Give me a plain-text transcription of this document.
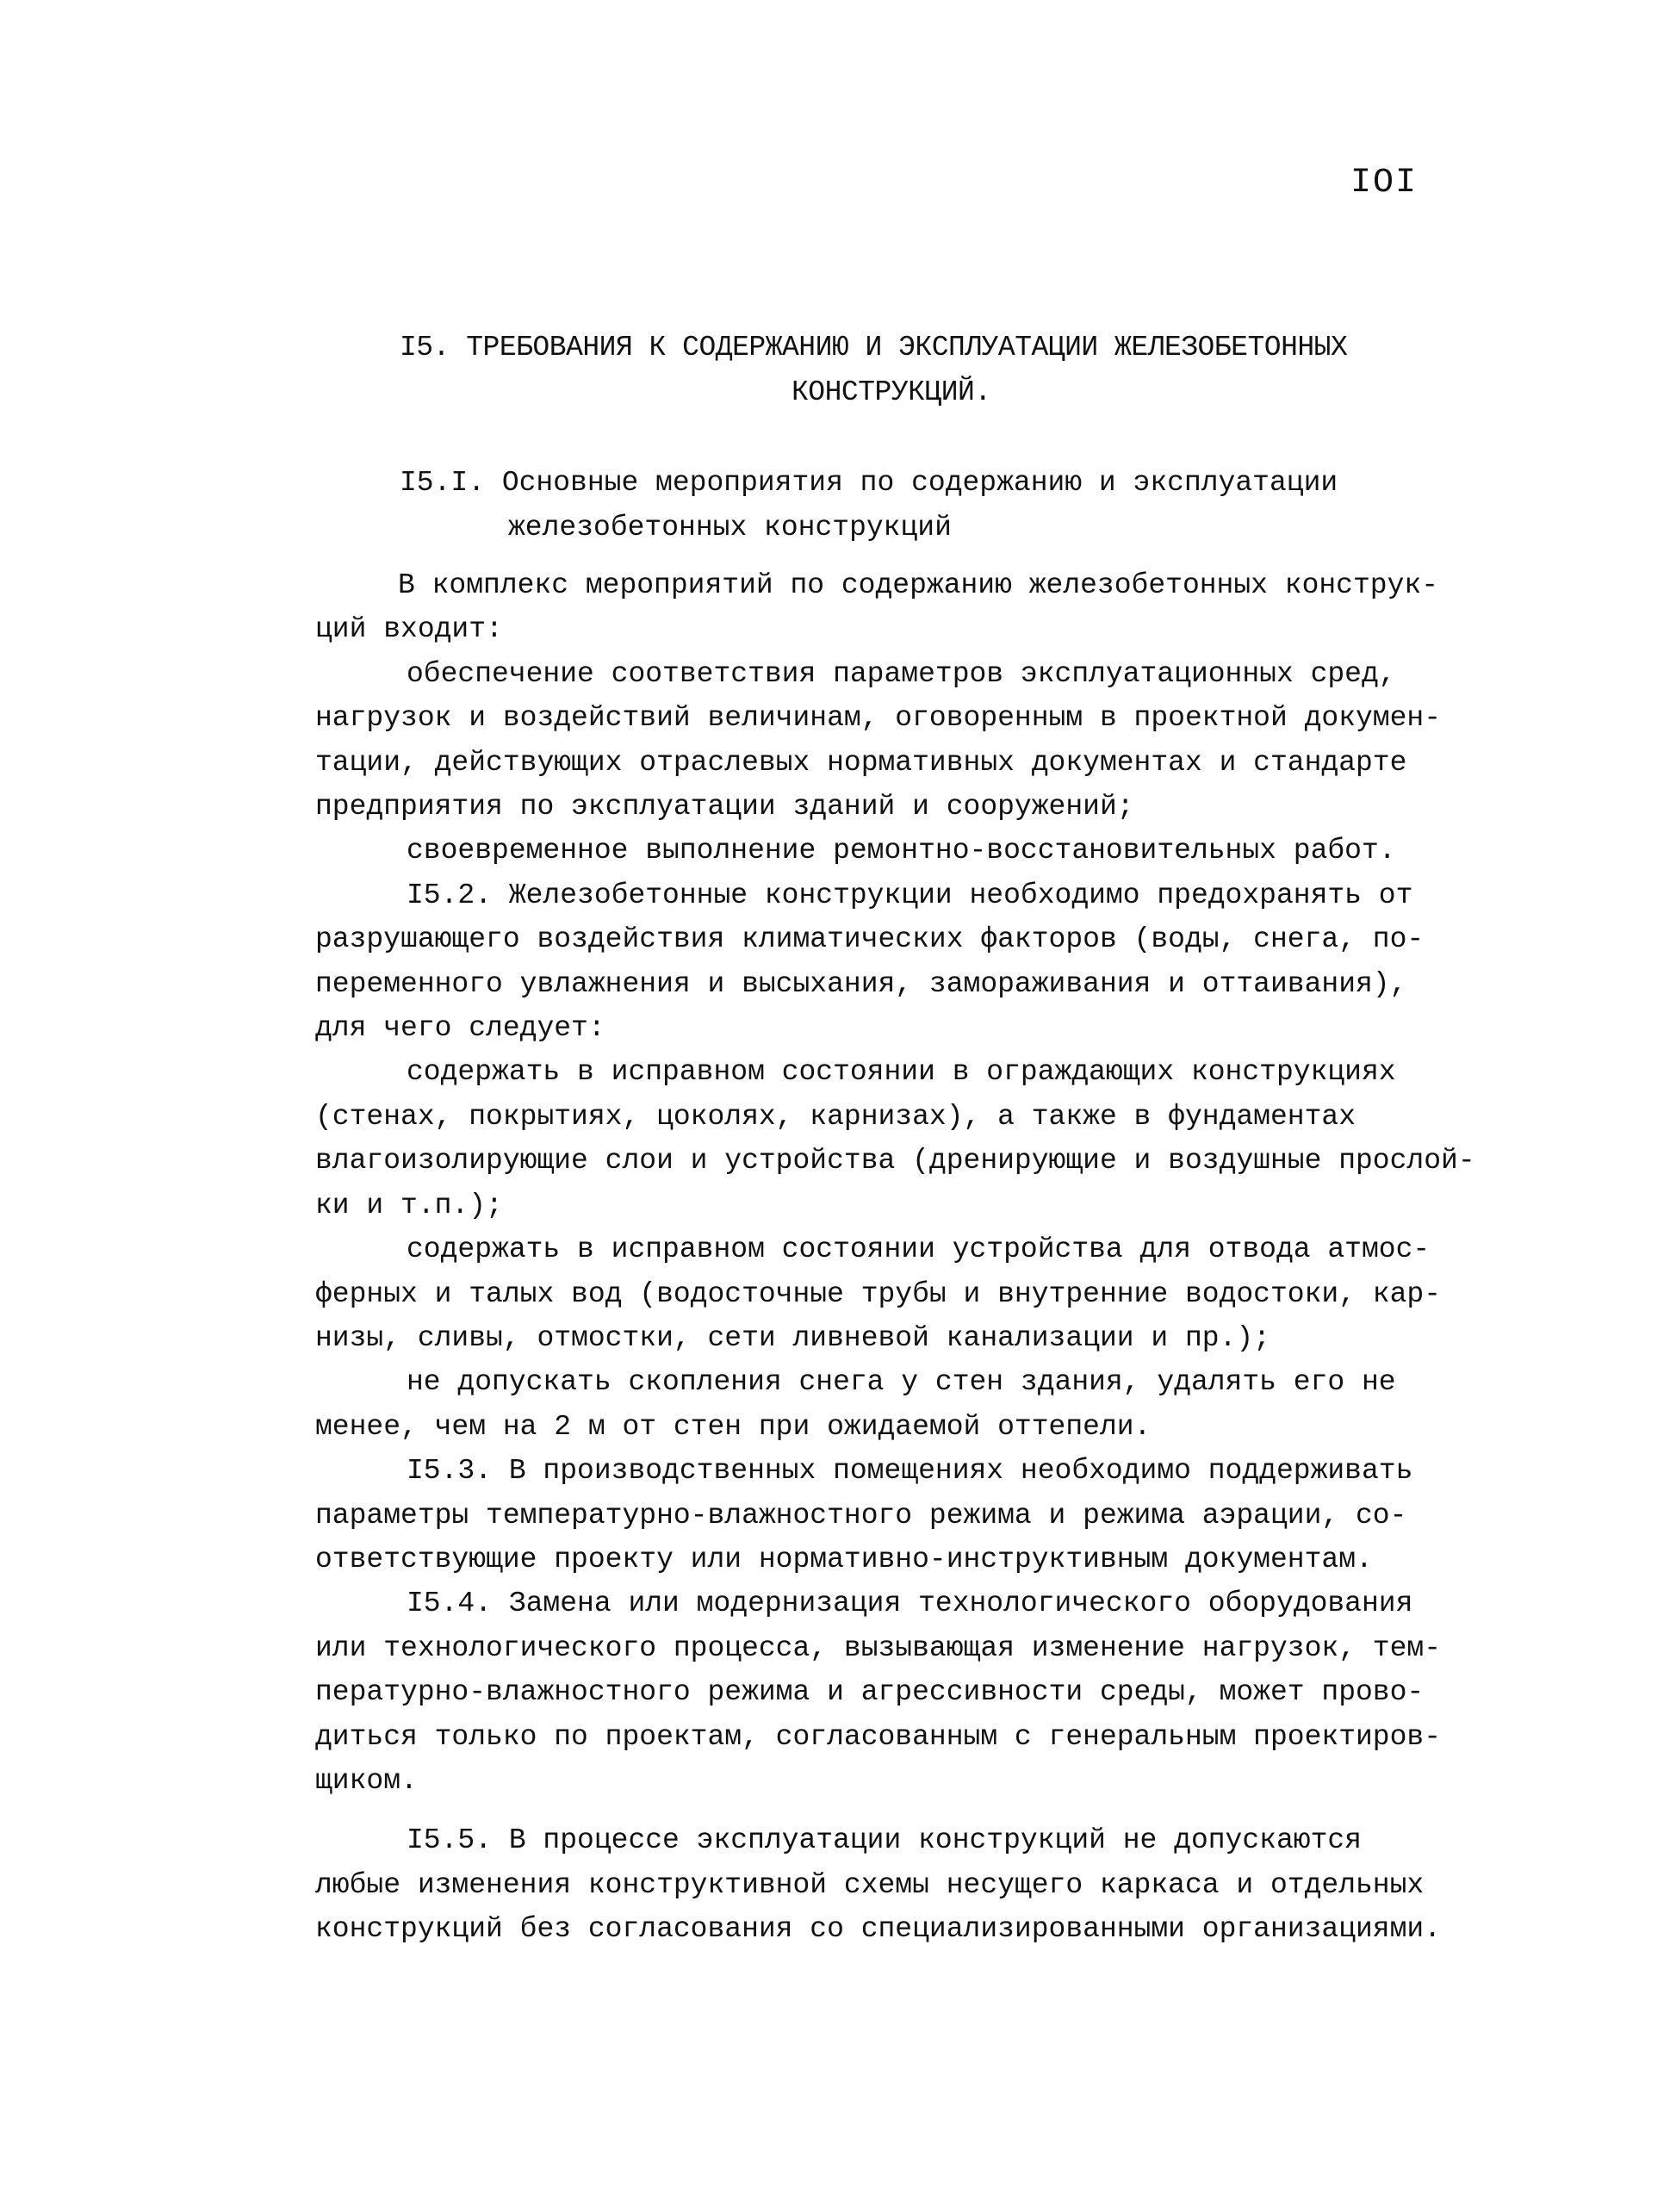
IOI
I5. ТРЕБОВАНИЯ К СОДЕРЖАНИЮ И ЭКСПЛУАТАЦИИ ЖЕЛЕЗОБЕТОННЫХ
КОНСТРУКЦИЙ.
I5.I. Основные мероприятия по содержанию и эксплуатации
железобетонных конструкций

В комплекс мероприятий по содержанию железобетонных конструк-

ций входит:

обеспечение соответствия параметров эксплуатационных сред,

нагрузок и воздействий величинам, оговоренным в проектной докумен-

тации, действующих отраслевых нормативных документах и стандарте

предприятия по эксплуатации зданий и сооружений;

своевременное выполнение ремонтно-восстановительных работ.

I5.2. Железобетонные конструкции необходимо предохранять от

разрушающего воздействия климатических факторов (воды, снега, по-

переменного увлажнения и высыхания, замораживания и оттаивания),

для чего следует:

содержать в исправном состоянии в ограждающих конструкциях

(стенах, покрытиях, цоколях, карнизах), а также в фундаментах

влагоизолирующие слои и устройства (дренирующие и воздушные прослой-

ки и т.п.);

содержать в исправном состоянии устройства для отвода атмос-

ферных и талых вод (водосточные трубы и внутренние водостоки, кар-

низы, сливы, отмостки, сети ливневой канализации и пр.);

не допускать скопления снега у стен здания, удалять его не

менее, чем на 2 м от стен при ожидаемой оттепели.

I5.3. В производственных помещениях необходимо поддерживать

параметры температурно-влажностного режима и режима аэрации, со-

ответствующие проекту или нормативно-инструктивным документам.

I5.4. Замена или модернизация технологического оборудования

или технологического процесса, вызывающая изменение нагрузок, тем-

пературно-влажностного режима и агрессивности среды, может прово-

диться только по проектам, согласованным с генеральным проектиров-

щиком.

I5.5. В процессе эксплуатации конструкций не допускаются

любые изменения конструктивной схемы несущего каркаса и отдельных

конструкций без согласования со специализированными организациями.
